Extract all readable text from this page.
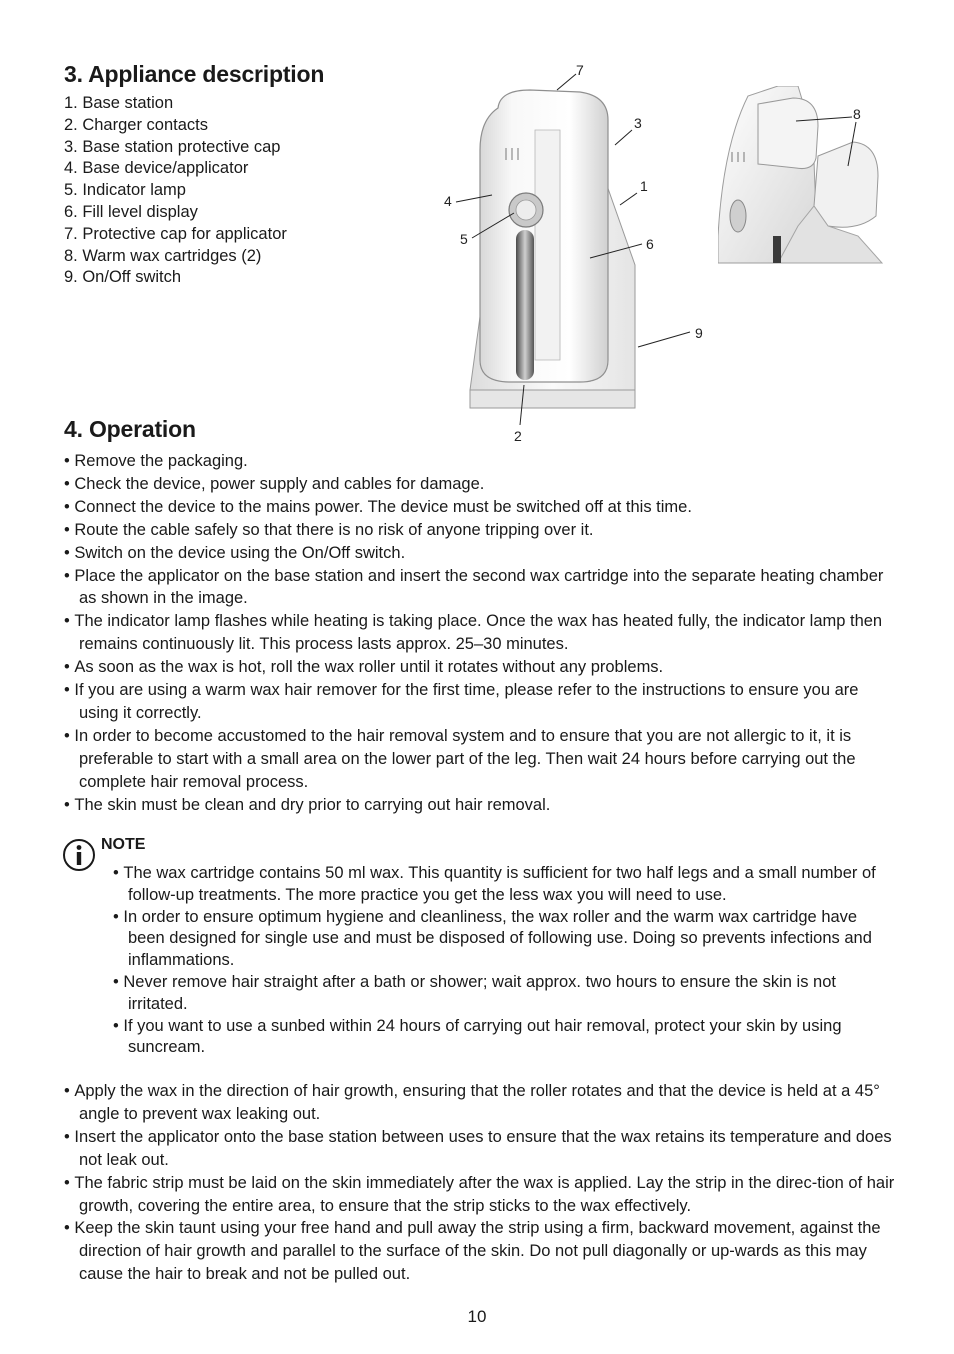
3. Appliance description
1. Base station
2. Charger contacts
3. Base station protective cap
4. Base device/applicator
5. Indicator lamp
6. Fill level display
7. Protective cap for applicator
8. Warm wax cartridges (2)
9. On/Off switch
7
3
1
4
5	6
9
2
8
4. Operation
• Remove the packaging.
• Check the device, power supply and cables for damage.
• Connect the device to the mains power. The device must be switched off at this time.
• Route the cable safely so that there is no risk of anyone tripping over it.
• Switch on the device using the On/Off switch.
• Place the applicator on the base station and insert the second wax cartridge into the separate heating chamber as shown in the image.
• The indicator lamp flashes while heating is taking place. Once the wax has heated fully, the indicator lamp then remains continuously lit. This process lasts approx. 25–30 minutes.
• As soon as the wax is hot, roll the wax roller until it rotates without any problems.
• If you are using a warm wax hair remover for the first time, please refer to the instructions to ensure you are using it correctly.
• In order to become accustomed to the hair removal system and to ensure that you are not allergic to it, it is preferable to start with a small area on the lower part of the leg. Then wait 24 hours before carrying out the complete hair removal process.
• The skin must be clean and dry prior to carrying out hair removal.
NOTE
• The wax cartridge contains 50 ml wax. This quantity is sufficient for two half legs and a small number of follow-up treatments. The more practice you get the less wax you will need to use.
• In order to ensure optimum hygiene and cleanliness, the wax roller and the warm wax cartridge have been designed for single use and must be disposed of following use. Doing so prevents infections and inflammations.
• Never remove hair straight after a bath or shower; wait approx. two hours to ensure the skin is not irritated.
• If you want to use a sunbed within 24 hours of carrying out hair removal, protect your skin by using suncream.
• Apply the wax in the direction of hair growth, ensuring that the roller rotates and that the device is held at a 45° angle to prevent wax leaking out.
• Insert the applicator onto the base station between uses to ensure that the wax retains its temperature and does not leak out.
• The fabric strip must be laid on the skin immediately after the wax is applied. Lay the strip in the direc-tion of hair growth, covering the entire area, to ensure that the strip sticks to the wax effectively.
• Keep the skin taunt using your free hand and pull away the strip using a firm, backward movement, against the direction of hair growth and parallel to the surface of the skin. Do not pull diagonally or up-wards as this may cause the hair to break and not be pulled out.
10
